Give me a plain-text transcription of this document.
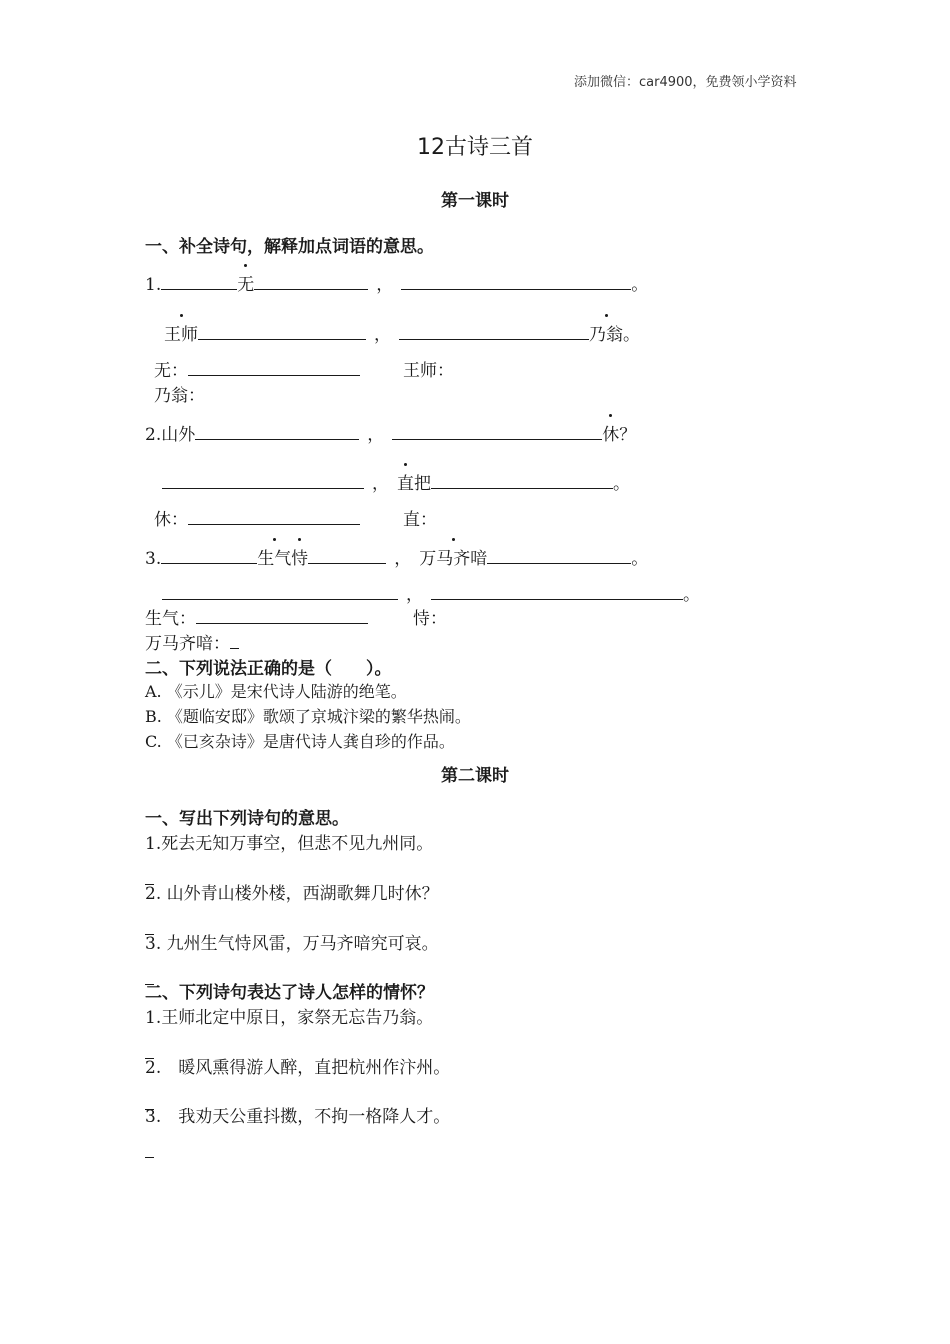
添加微信：car4900，免费领小学资料
12古诗三首
第一课时
一、补全诗句，解释加点词语的意思。
1.	无	，	。
王师	，	乃翁。
无：	王师：
乃翁：
2.山外	，	休？
， 直把	。
休：	直：
3.	生气恃	， 万马齐喑	。
，	。
生气：	恃：
万马齐喑：
二、下列说法正确的是（　　）。
A. 《示儿》是宋代诗人陆游的绝笔。
B. 《题临安邸》歌颂了京城汴梁的繁华热闹。
C. 《已亥杂诗》是唐代诗人龚自珍的作品。
第二课时
一、写出下列诗句的意思。
1.死去无知万事空，但悲不见九州同。
2. 山外青山楼外楼，西湖歌舞几时休？
3. 九州生气恃风雷，万马齐喑究可哀。
二、下列诗句表达了诗人怎样的情怀？
1.王师北定中原日，家祭无忘告乃翁。
2.　暖风熏得游人醉，直把杭州作汴州。
3.　我劝天公重抖擞，不拘一格降人才。
